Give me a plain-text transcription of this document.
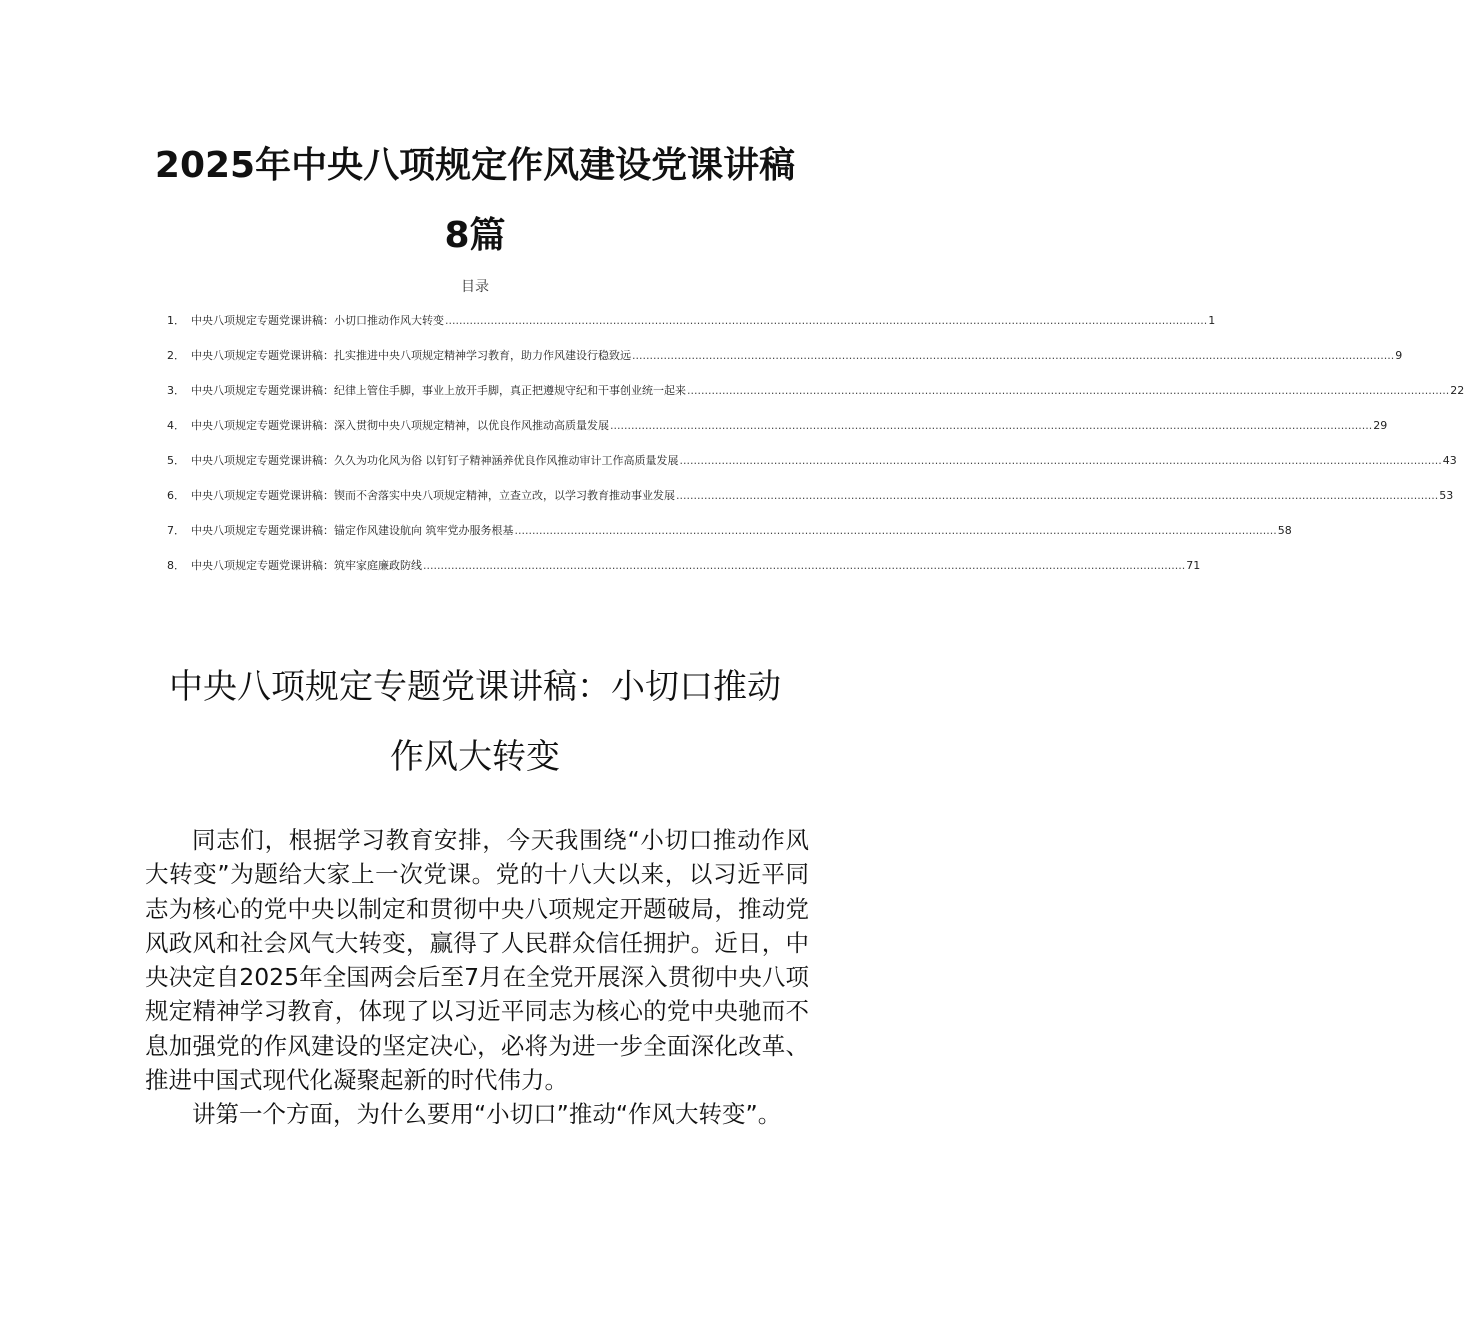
2025年中央八项规定作风建设党课讲稿
8篇
目录
1． 中央八项规定专题党课讲稿：小切口推动作风大转变 .....	1
2． 中央八项规定专题党课讲稿：扎实推进中央八项规定精神学习教育，助力作风建设行稳致远 .....	9
3． 中央八项规定专题党课讲稿：纪律上管住手脚，事业上放开手脚，真正把遵规守纪和干事创业统一起来 .....	22
4． 中央八项规定专题党课讲稿：深入贯彻中央八项规定精神，以优良作风推动高质量发展 .....	29
5． 中央八项规定专题党课讲稿：久久为功化风为俗 以钉钉子精神涵养优良作风推动审计工作高质量发展 .....	43
6． 中央八项规定专题党课讲稿：锲而不舍落实中央八项规定精神，立查立改，以学习教育推动事业发展 .....	53
7． 中央八项规定专题党课讲稿：锚定作风建设航向 筑牢党办服务根基 .....	58
8． 中央八项规定专题党课讲稿：筑牢家庭廉政防线 .....	71
中央八项规定专题党课讲稿：小切口推动
作风大转变

同志们，根据学习教育安排，今天我围绕“小切口推动作风大转变”为题给大家上一次党课。党的十八大以来，以习近平同志为核心的党中央以制定和贯彻中央八项规定开题破局，推动党风政风和社会风气大转变，赢得了人民群众信任拥护。近日，中央决定自2025年全国两会后至7月在全党开展深入贯彻中央八项规定精神学习教育，体现了以习近平同志为核心的党中央驰而不息加强党的作风建设的坚定决心，必将为进一步全面深化改革、推进中国式现代化凝聚起新的时代伟力。

讲第一个方面，为什么要用“小切口”推动“作风大转变”。
